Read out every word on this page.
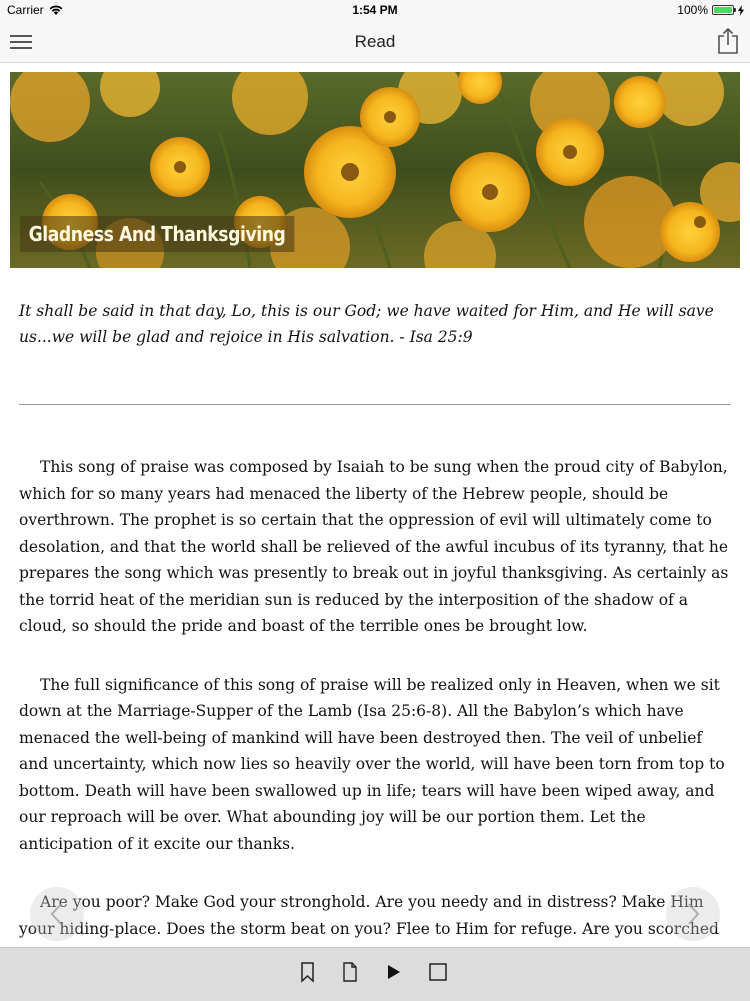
Carrier	1:54 PM	100%
Read
Gladness And Thanksgiving
It shall be said in that day, Lo, this is our God; we have waited for Him, and He will save us...we will be glad and rejoice in His salvation. - Isa 25:9

This song of praise was composed by Isaiah to be sung when the proud city of Babylon, which for so many years had menaced the liberty of the Hebrew people, should be overthrown. The prophet is so certain that the oppression of evil will ultimately come to desolation, and that the world shall be relieved of the awful incubus of its tyranny, that he prepares the song which was presently to break out in joyful thanksgiving. As certainly as the torrid heat of the meridian sun is reduced by the interposition of the shadow of a cloud, so should the pride and boast of the terrible ones be brought low.

The full significance of this song of praise will be realized only in Heaven, when we sit down at the Marriage-Supper of the Lamb (Isa 25:6-8). All the Babylon’s which have menaced the well-being of mankind will have been destroyed then. The veil of unbelief and uncertainty, which now lies so heavily over the world, will have been torn from top to bottom. Death will have been swallowed up in life; tears will have been wiped away, and our reproach will be over. What abounding joy will be our portion them. Let the anticipation of it excite our thanks.

Are you poor? Make God your stronghold. Are you needy and in distress? Make Him your hiding-place. Does the storm beat on you? Flee to Him for refuge. Are you scorched
